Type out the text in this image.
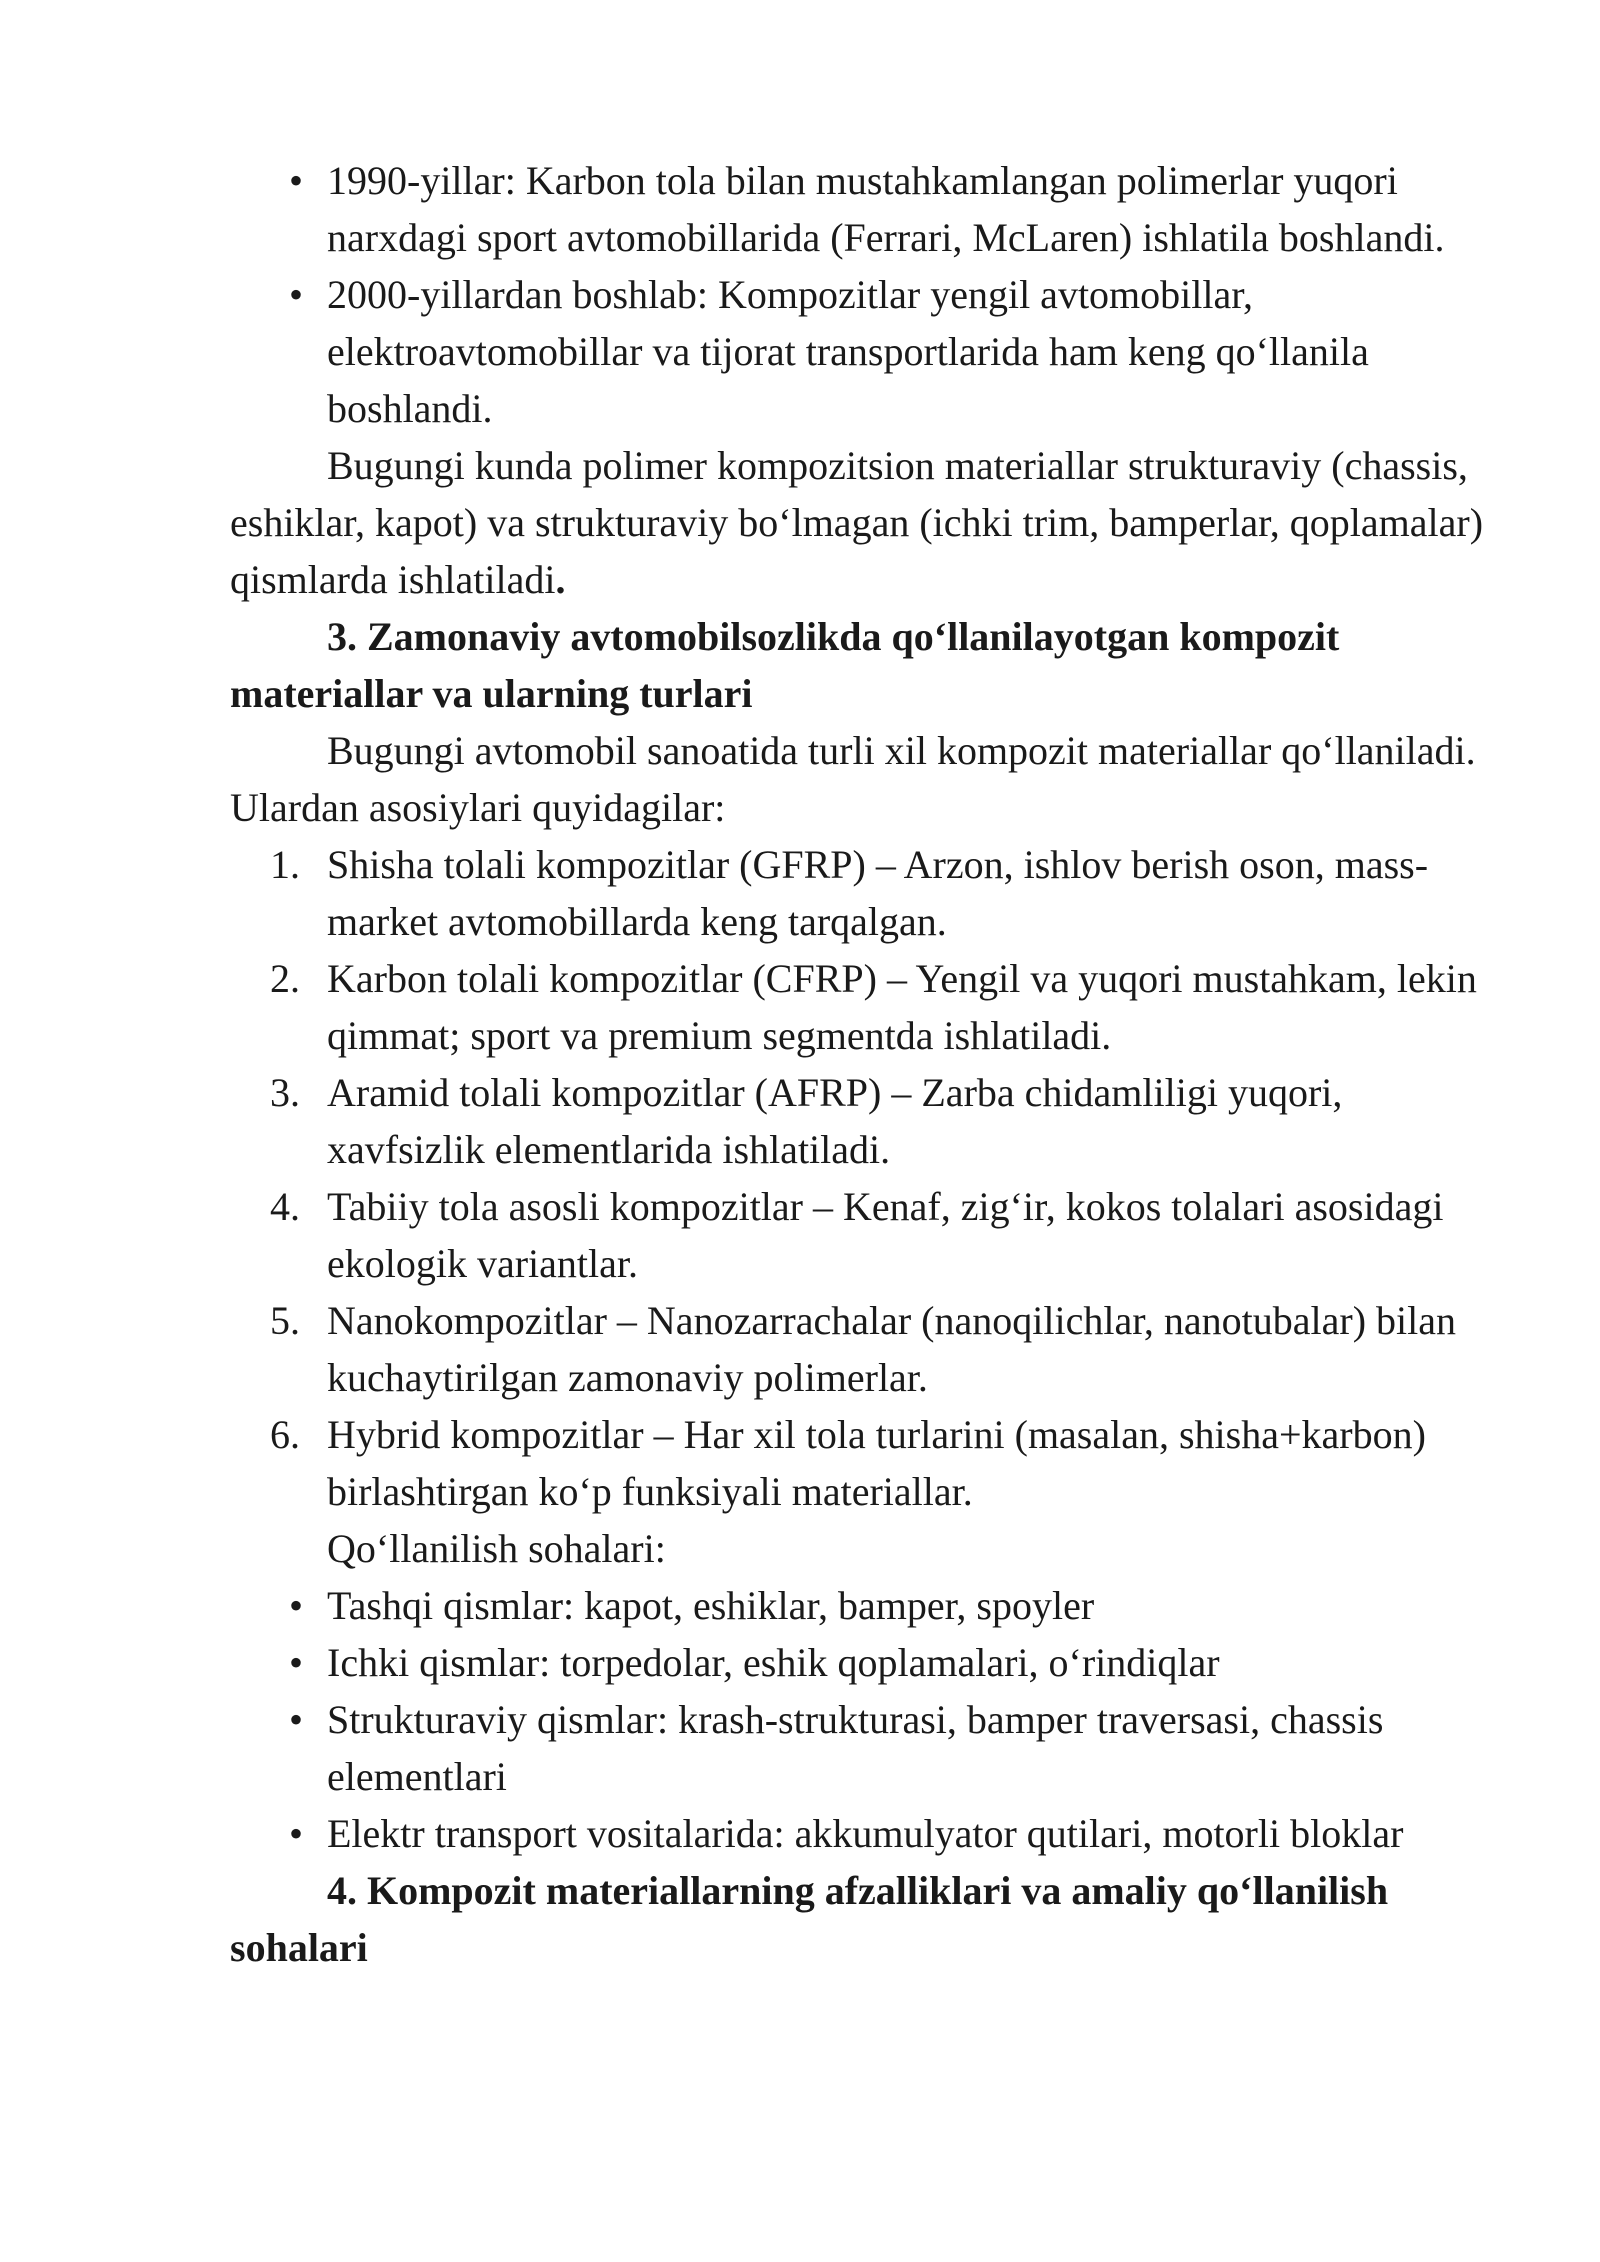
• 1990-yillar: Karbon tola bilan mustahkamlangan polimerlar yuqori narxdagi sport avtomobillarida (Ferrari, McLaren) ishlatila boshlandi.
• 2000-yillardan boshlab: Kompozitlar yengil avtomobillar, elektroavtomobillar va tijorat transportlarida ham keng qo‘llanila boshlandi.
Bugungi kunda polimer kompozitsion materiallar strukturaviy (chassis, eshiklar, kapot) va strukturaviy bo‘lmagan (ichki trim, bamperlar, qoplamalar) qismlarda ishlatiladi.
3. Zamonaviy avtomobilsozlikda qo‘llanilayotgan kompozit materiallar va ularning turlari
Bugungi avtomobil sanoatida turli xil kompozit materiallar qo‘llaniladi. Ulardan asosiylari quyidagilar:
1. Shisha tolali kompozitlar (GFRP) – Arzon, ishlov berish oson, mass-market avtomobillarda keng tarqalgan.
2. Karbon tolali kompozitlar (CFRP) – Yengil va yuqori mustahkam, lekin qimmat; sport va premium segmentda ishlatiladi.
3. Aramid tolali kompozitlar (AFRP) – Zarba chidamliligi yuqori, xavfsizlik elementlarida ishlatiladi.
4. Tabiiy tola asosli kompozitlar – Kenaf, zig‘ir, kokos tolalari asosidagi ekologik variantlar.
5. Nanokompozitlar – Nanozarrachalar (nanoqilichlar, nanotubalar) bilan kuchaytirilgan zamonaviy polimerlar.
6. Hybrid kompozitlar – Har xil tola turlarini (masalan, shisha+karbon) birlashtirgan ko‘p funksiyali materiallar.
Qo‘llanilish sohalari:
• Tashqi qismlar: kapot, eshiklar, bamper, spoyler
• Ichki qismlar: torpedolar, eshik qoplamalari, o‘rindiqlar
• Strukturaviy qismlar: krash-strukturasi, bamper traversasi, chassis elementlari
• Elektr transport vositalarida: akkumulyator qutilari, motorli bloklar
4. Kompozit materiallarning afzalliklari va amaliy qo‘llanilish sohalari
